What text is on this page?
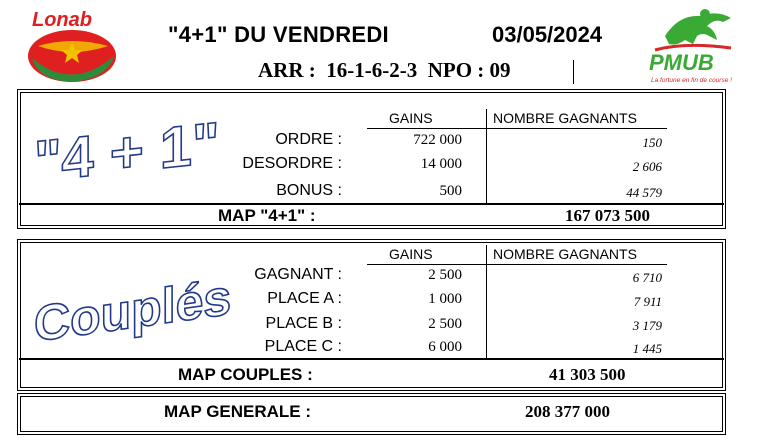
Lonab
"4+1" DU VENDREDI	03/05/2024
ARR :  16-1-6-2-3  NPO : 09	PMUB
La fortune en fin de course !
"4 + 1"	GAINS	NOMBRE GAGNANTS
ORDRE :	722 000	150
DESORDRE :	14 000	2 606
BONUS :	500	44 579
MAP "4+1" :	167 073 500
Couplés
GAINS	NOMBRE GAGNANTS
GAGNANT :	2 500	6 710
PLACE A :	1 000	7 911
PLACE B :	2 500	3 179
PLACE C :	6 000	1 445
MAP COUPLES :	41 303 500
MAP GENERALE :	208 377 000
